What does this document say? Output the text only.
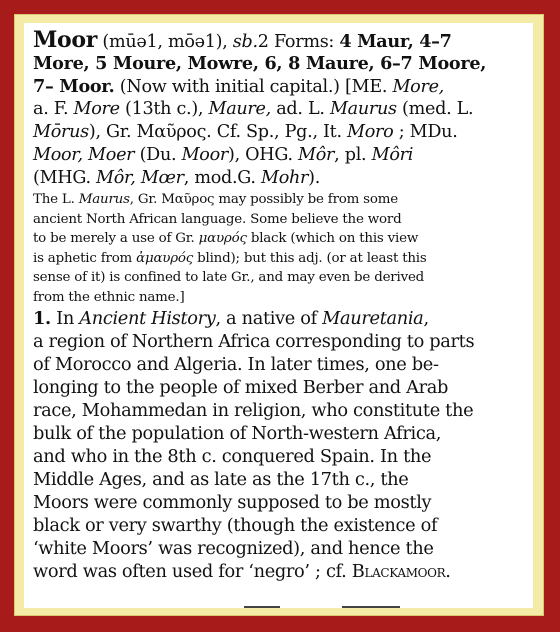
Moor (mūə1, mōə1), sb.2 Forms: 4 Maur, 4–7
More, 5 Moure, Mowre, 6, 8 Maure, 6–7 Moore,
7– Moor. (Now with initial capital.) [ME. More,
a. F. More (13th c.), Maure, ad. L. Maurus (med. L.
Mōrus), Gr. Μαῦρος. Cf. Sp., Pg., It. Moro ; MDu.
Moor, Moer (Du. Moor), OHG. Môr, pl. Môri
(MHG. Môr, Mœr, mod.G. Mohr).
The L. Maurus, Gr. Μαῦρος may possibly be from some
ancient North African language. Some believe the word
to be merely a use of Gr. μαυρός black (which on this view
is aphetic from ἀμαυρός blind); but this adj. (or at least this
sense of it) is confined to late Gr., and may even be derived
from the ethnic name.]
1. In Ancient History, a native of Mauretania,
a region of Northern Africa corresponding to parts
of Morocco and Algeria. In later times, one be-
longing to the people of mixed Berber and Arab
race, Mohammedan in religion, who constitute the
bulk of the population of North-western Africa,
and who in the 8th c. conquered Spain. In the
Middle Ages, and as late as the 17th c., the
Moors were commonly supposed to be mostly
black or very swarthy (though the existence of
‘white Moors’ was recognized), and hence the
word was often used for ‘negro’ ; cf. Blackamoor.
